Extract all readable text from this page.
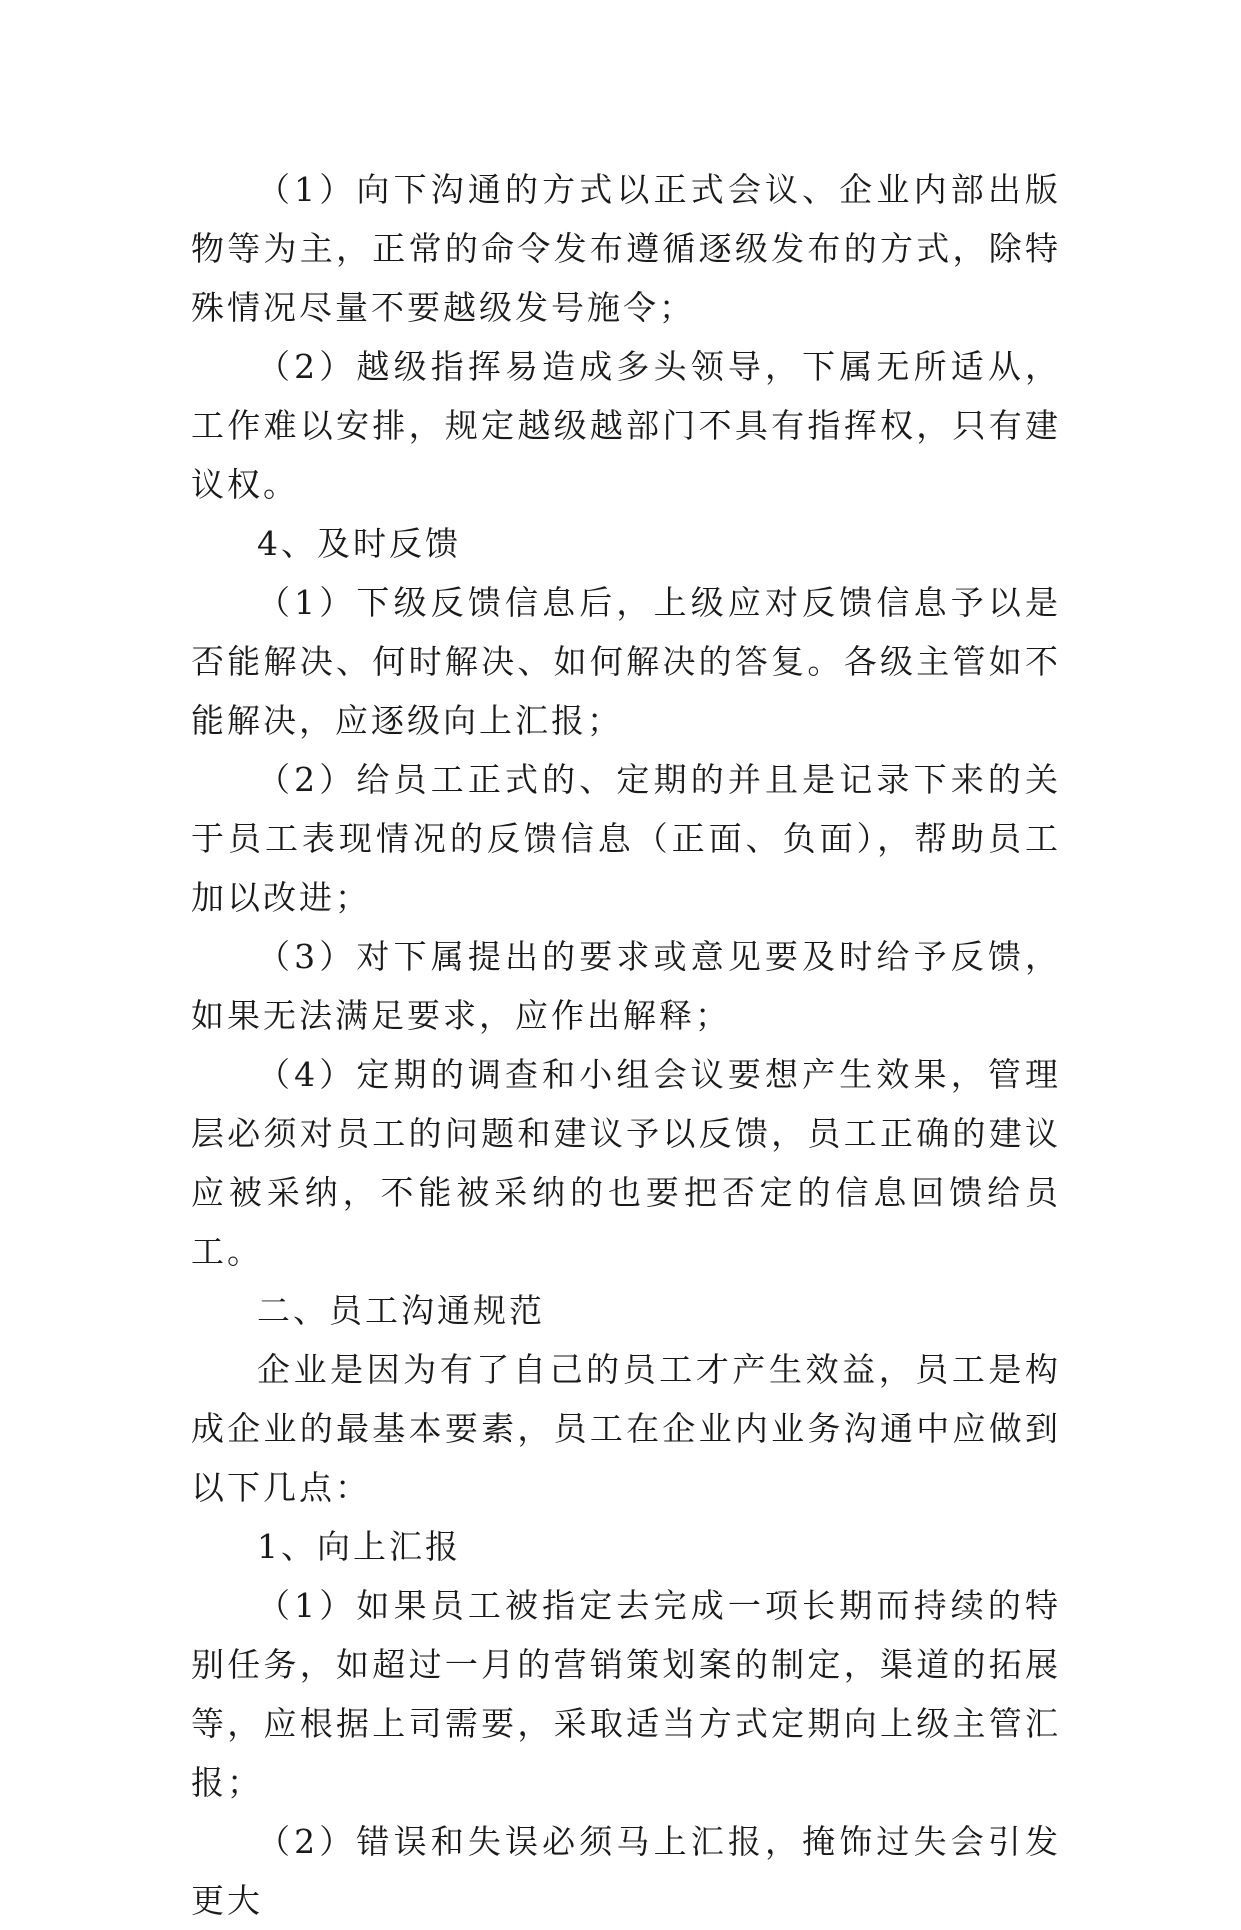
（1）向下沟通的方式以正式会议、企业内部出版物等为主，正常的命令发布遵循逐级发布的方式，除特殊情况尽量不要越级发号施令；

（2）越级指挥易造成多头领导，下属无所适从，工作难以安排，规定越级越部门不具有指挥权，只有建议权。

4、及时反馈

（1）下级反馈信息后，上级应对反馈信息予以是否能解决、何时解决、如何解决的答复。各级主管如不能解决，应逐级向上汇报；

（2）给员工正式的、定期的并且是记录下来的关于员工表现情况的反馈信息（正面、负面），帮助员工加以改进；

（3）对下属提出的要求或意见要及时给予反馈，如果无法满足要求，应作出解释；

（4）定期的调查和小组会议要想产生效果，管理层必须对员工的问题和建议予以反馈，员工正确的建议应被采纳，不能被采纳的也要把否定的信息回馈给员工。

二、员工沟通规范

企业是因为有了自己的员工才产生效益，员工是构成企业的最基本要素，员工在企业内业务沟通中应做到以下几点：

1、向上汇报

（1）如果员工被指定去完成一项长期而持续的特别任务，如超过一月的营销策划案的制定，渠道的拓展等，应根据上司需要，采取适当方式定期向上级主管汇报；

（2）错误和失误必须马上汇报，掩饰过失会引发更大
